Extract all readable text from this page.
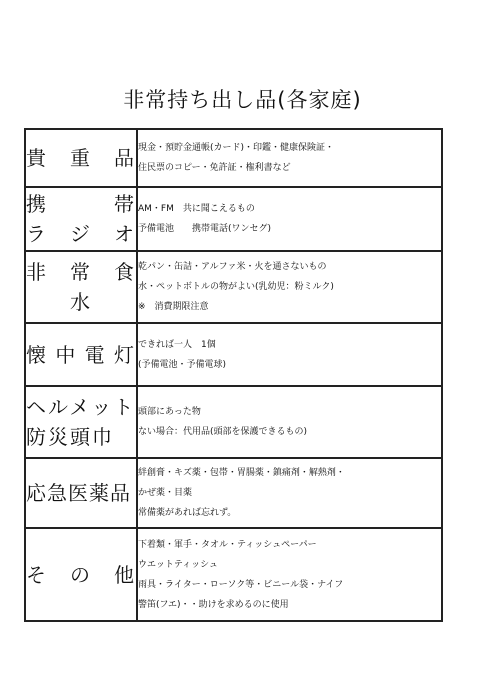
非常持ち出し品(各家庭)
貴　重　品	現金・預貯金通帳(カード)・印鑑・健康保険証・
住民票のコピー・免許証・権利書など

携　　帯
ラ　ジ　オ	AM・FM　共に聞こえるもの
予備電池　　携帯電話(ワンセグ)

非　常　食
水	乾パン・缶詰・アルファ米・火を通さないもの
水・ペットボトルの物がよい(乳幼児：粉ミルク)
※　消費期限注意

懐中電灯	できれば一人　1個
(予備電池・予備電球)

ヘルメット
防災頭巾	頭部にあった物
ない場合：代用品(頭部を保護できるもの)

応急医薬品	絆創膏・キズ薬・包帯・胃腸薬・鎮痛剤・解熱剤・
かぜ薬・目薬
常備薬があれば忘れず。

そ　の　他	下着類・軍手・タオル・ティッシュペーパー
ウエットティッシュ
雨具・ライター・ローソク等・ビニール袋・ナイフ
警笛(フエ)・・助けを求めるのに使用
